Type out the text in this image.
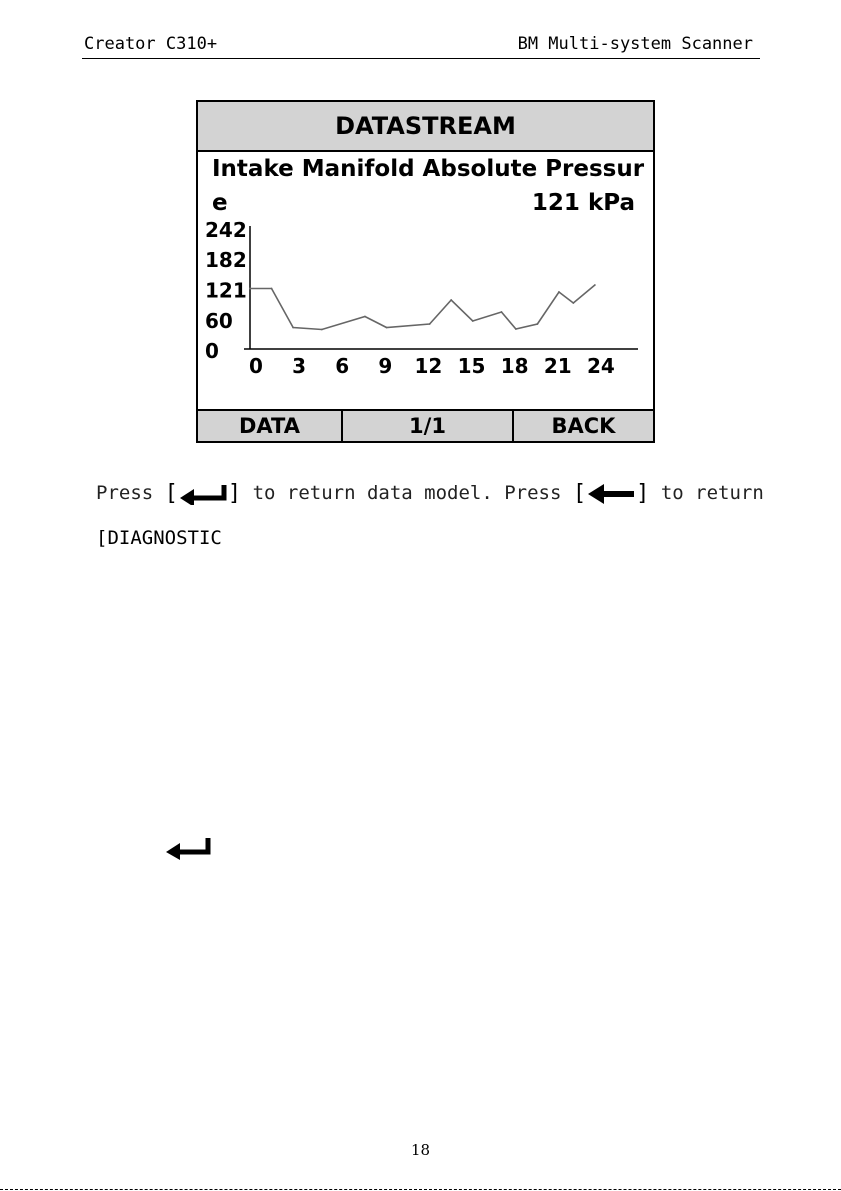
Creator C310+	BM Multi-system Scanner
DATASTREAM
Intake Manifold Absolute Pressure	121 kPa
242
182
121
60
0
0 3 6 9 12 15 18 21 24
DATA	1/1	BACK
Press [ ] to return data model. Press [ ] to return
[DIAGNOSTIC
18
